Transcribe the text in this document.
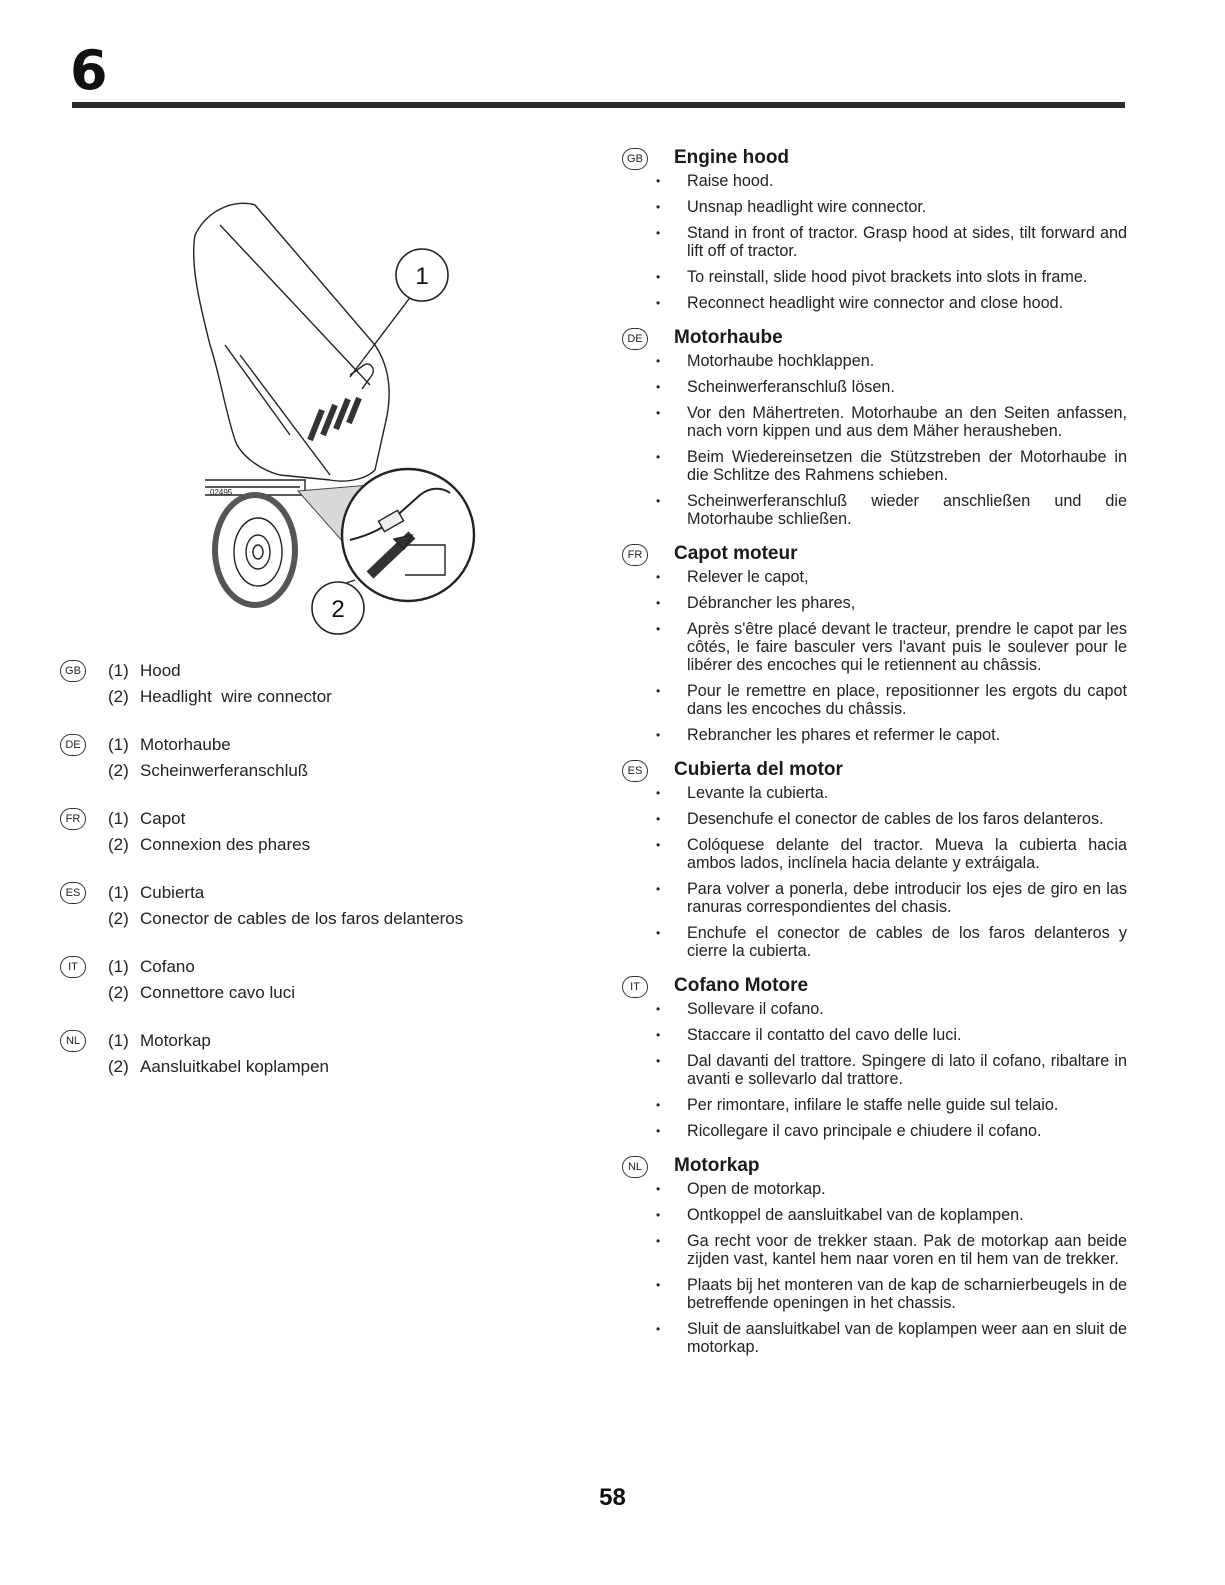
6
1
2
02495
GB (1) Hood
(2) Headlight  wire connector
DE	(1) Motorhaube
(2) Scheinwerferanschluß
FR	(1) Capot
(2) Connexion des phares
ES	(1) Cubierta
(2) Conector de cables de los faros delanteros
IT	(1) Cofano
(2) Connettore cavo luci
NL	(1) Motorkap
(2) Aansluitkabel koplampen
GB Engine hood
• Raise hood.
• Unsnap headlight wire connector.
• Stand in front of tractor. Grasp hood at sides, tilt forward and lift off of tractor.
• To reinstall, slide hood pivot brackets into slots in frame.
• Reconnect headlight wire connector and close hood.
DE Motorhaube
• Motorhaube hochklappen.
• Scheinwerferanschluß lösen.
• Vor den Mähertreten. Motorhaube an den Seiten anfassen, nach vorn kippen und aus dem Mäher herausheben.
• Beim Wiedereinsetzen die Stützstreben der Motorhaube in die Schlitze des Rahmens schieben.
• Scheinwerferanschluß wieder anschließen und die Motorhaube schließen.
FR Capot moteur
• Relever le capot,
• Débrancher les phares,
• Après s'être placé devant le tracteur, prendre le capot par les côtés, le faire basculer vers l'avant puis le soulever pour le libérer des encoches qui le retiennent au châssis.
• Pour le remettre en place, repositionner les ergots du capot dans les encoches du châssis.
• Rebrancher les phares et refermer le capot.
ES Cubierta del motor
• Levante la cubierta.
• Desenchufe el conector de cables de los faros delanteros.
• Colóquese delante del tractor. Mueva la cubierta hacia ambos lados, inclínela hacia delante y extráigala.
• Para volver a ponerla, debe introducir los ejes de giro en las ranuras correspondientes del chasis.
• Enchufe el conector de cables de los faros delanteros y cierre la cubierta.
IT	Cofano Motore
• Sollevare il cofano.
• Staccare il contatto del cavo delle luci.
• Dal davanti del trattore. Spingere di lato il cofano, ribaltare in avanti e sollevarlo dal trattore.
• Per rimontare, infilare le staffe nelle guide sul telaio.
• Ricollegare il cavo principale e chiudere il cofano.
NL	Motorkap
• Open de motorkap.
• Ontkoppel de aansluitkabel van de koplampen.
• Ga recht voor de trekker staan. Pak de motorkap aan beide zijden vast, kantel hem naar voren en til hem van de trekker.
• Plaats bij het monteren van de kap de scharnierbeugels in de betreffende openingen in het chassis.
• Sluit de aansluitkabel van de koplampen weer aan en sluit de motorkap.
58
